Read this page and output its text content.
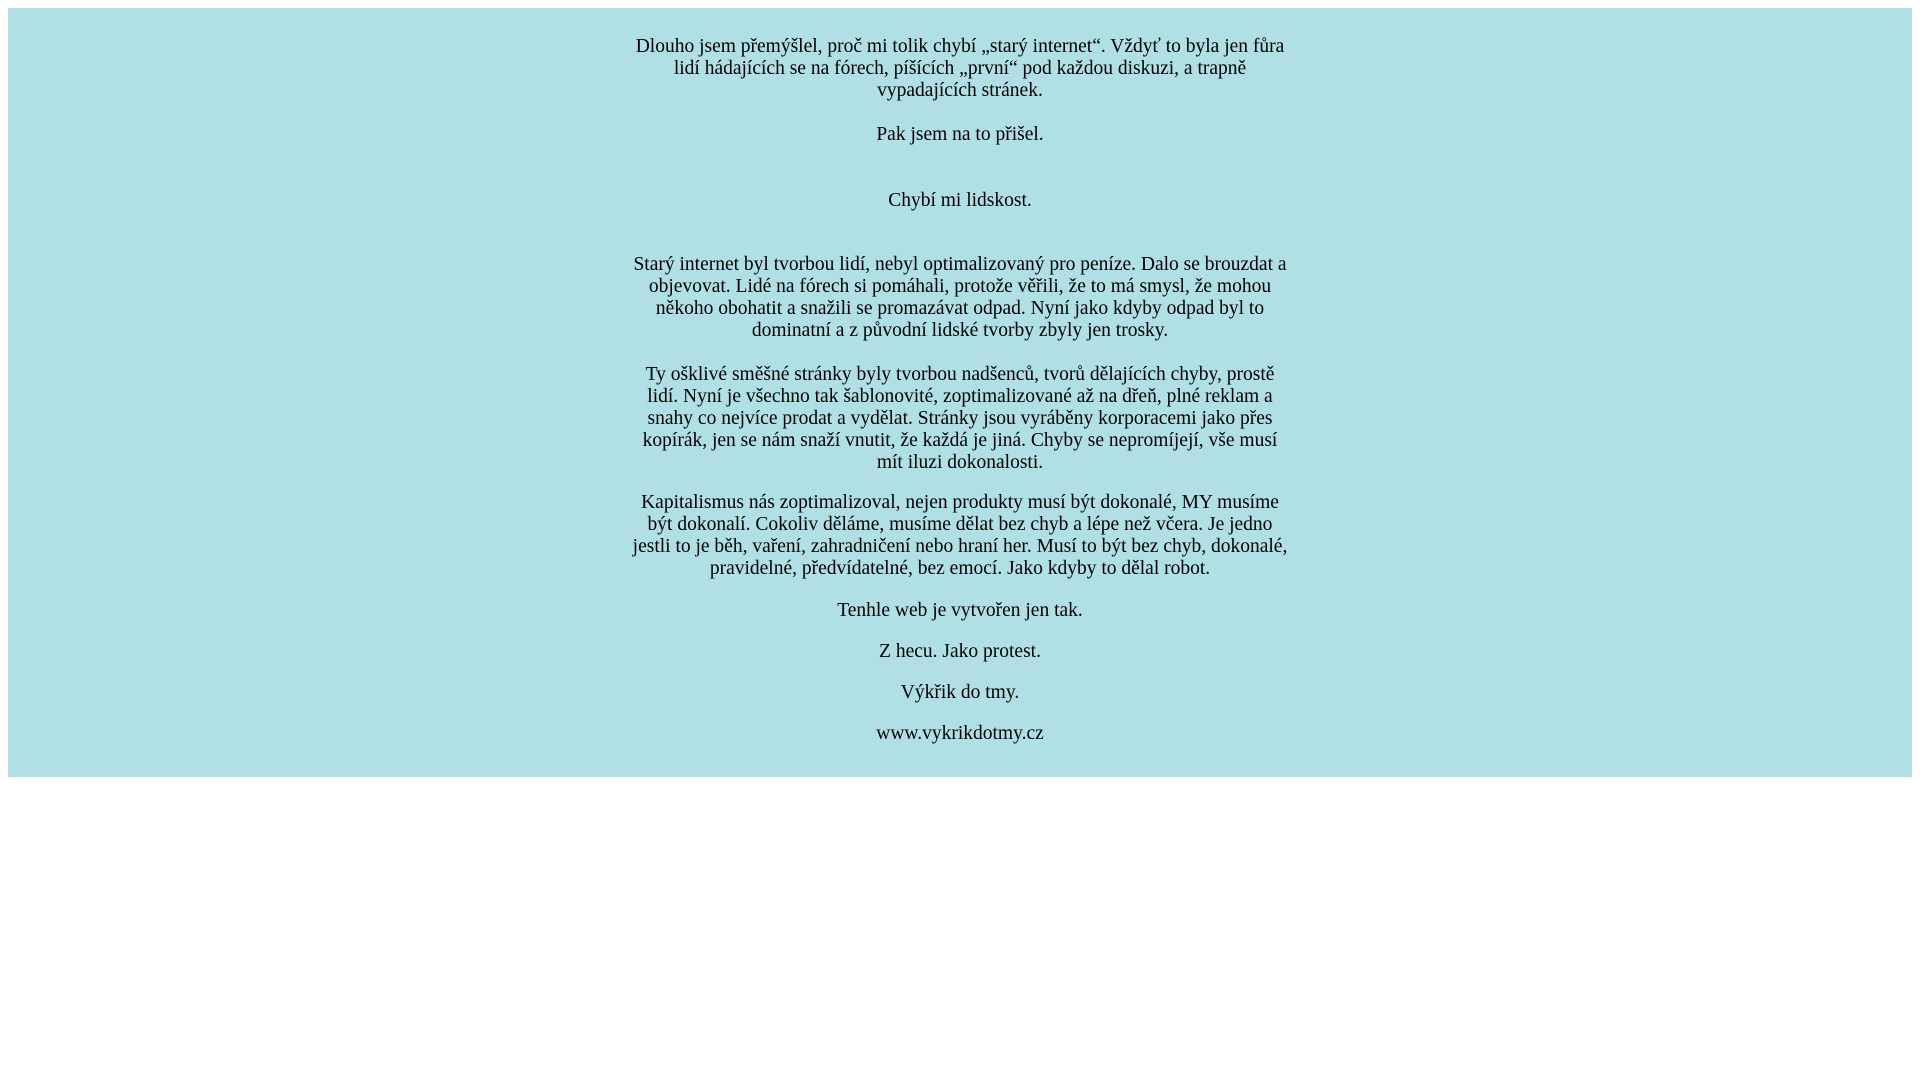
Dlouho jsem přemýšlel, proč mi tolik chybí „starý internet“. Vždyť to byla jen fůra lidí hádajících se na fórech, píšících „první“ pod každou diskuzi, a trapně vypadajících stránek.

Pak jsem na to přišel.

Chybí mi lidskost.

Starý internet byl tvorbou lidí, nebyl optimalizovaný pro peníze. Dalo se brouzdat a objevovat. Lidé na fórech si pomáhali, protože věřili, že to má smysl, že mohou někoho obohatit a snažili se promazávat odpad. Nyní jako kdyby odpad byl to dominatní a z původní lidské tvorby zbyly jen trosky.

Ty ošklivé směšné stránky byly tvorbou nadšenců, tvorů dělajících chyby, prostě lidí. Nyní je všechno tak šablonovité, zoptimalizované až na dřeň, plné reklam a snahy co nejvíce prodat a vydělat. Stránky jsou vyráběny korporacemi jako přes kopírák, jen se nám snaží vnutit, že každá je jiná. Chyby se nepromíjejí, vše musí mít iluzi dokonalosti.

Kapitalismus nás zoptimalizoval, nejen produkty musí být dokonalé, MY musíme být dokonalí. Cokoliv děláme, musíme dělat bez chyb a lépe než včera. Je jedno jestli to je běh, vaření, zahradničení nebo hraní her. Musí to být bez chyb, dokonalé, pravidelné, předvídatelné, bez emocí. Jako kdyby to dělal robot.

Tenhle web je vytvořen jen tak.

Z hecu. Jako protest.

Výkřik do tmy.

www.vykrikdotmy.cz
